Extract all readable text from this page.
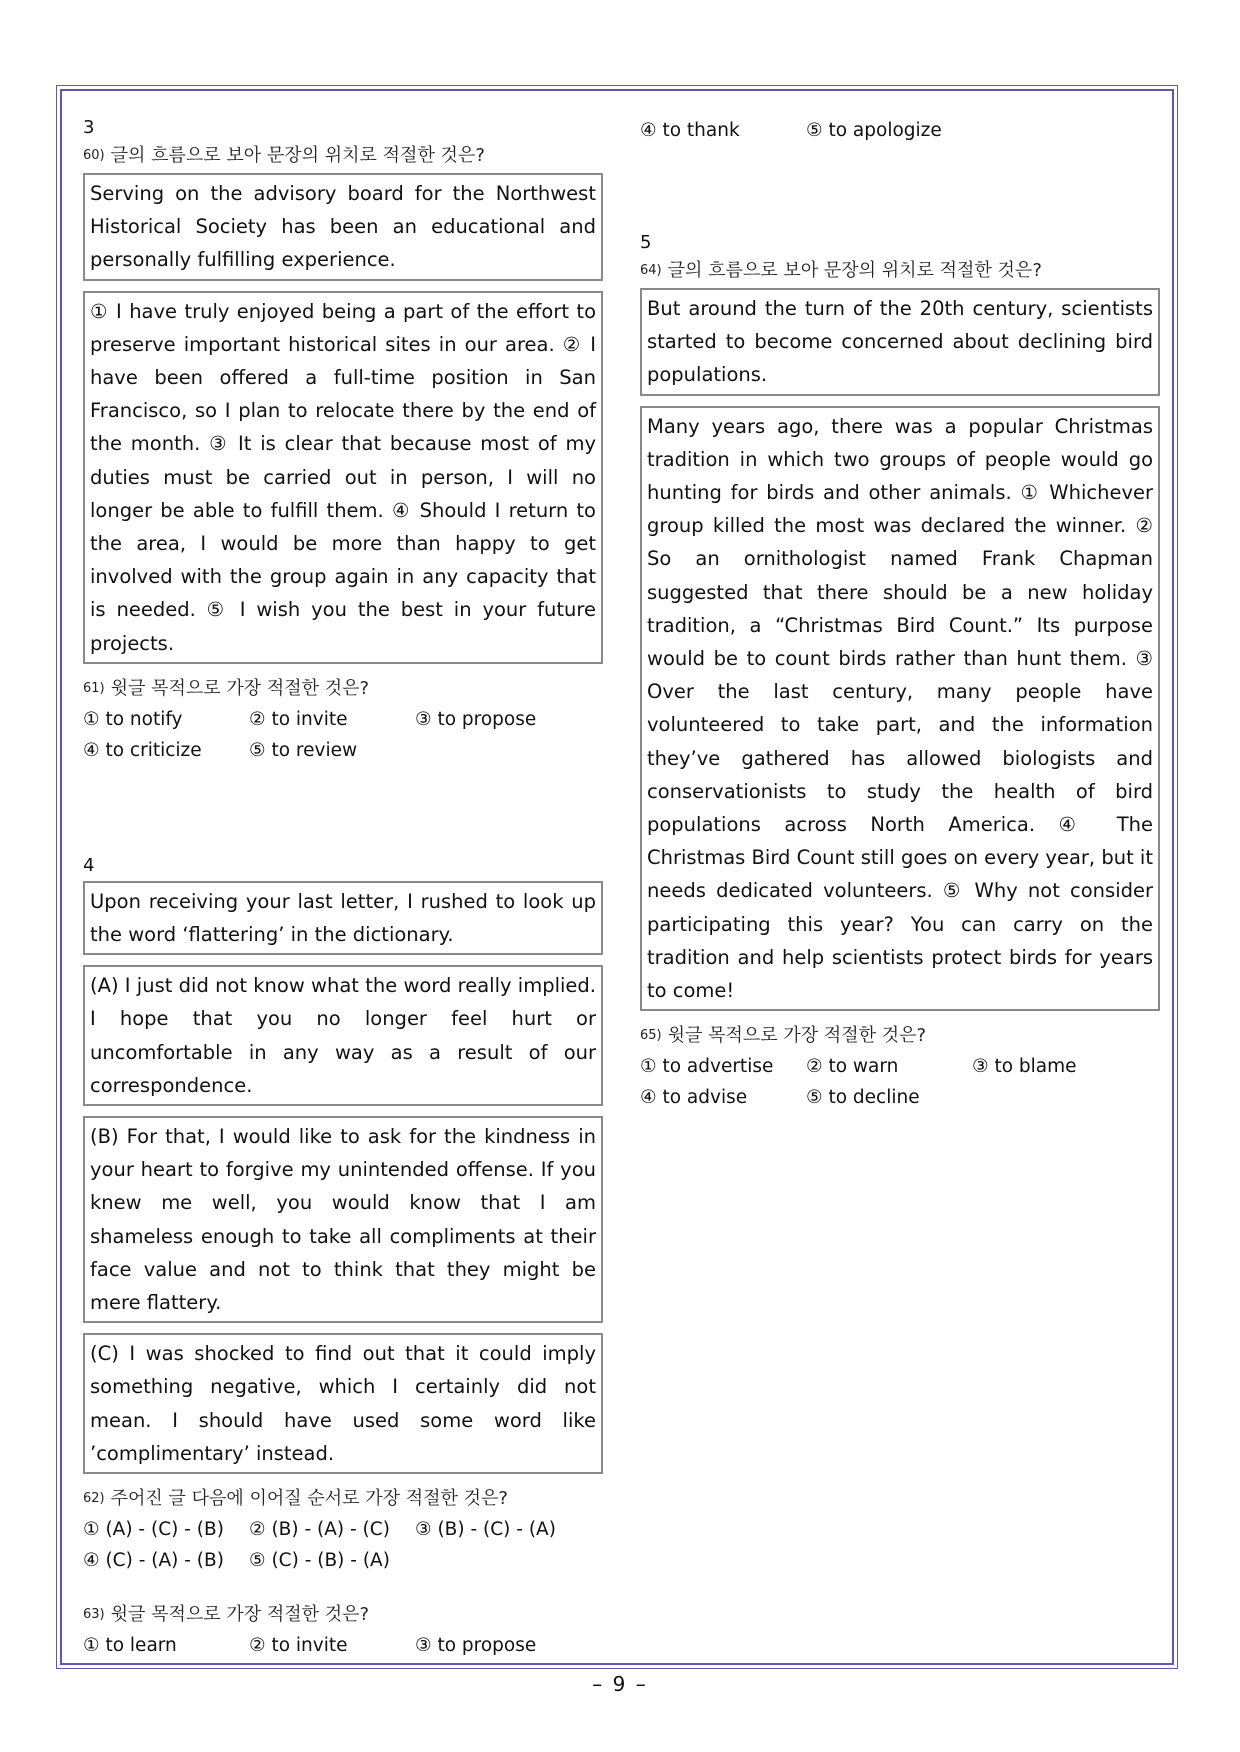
3
60) 글의 흐름으로 보아 문장의 위치로 적절한 것은?
Serving on the advisory board for the Northwest Historical Society has been an educational and personally fulfilling experience.
① I have truly enjoyed being a part of the effort to preserve important historical sites in our area. ② I have been offered a full-time position in San Francisco, so I plan to relocate there by the end of the month. ③ It is clear that because most of my duties must be carried out in person, I will no longer be able to fulfill them. ④ Should I return to the area, I would be more than happy to get involved with the group again in any capacity that is needed. ⑤ I wish you the best in your future projects.
61) 윗글 목적으로 가장 적절한 것은?
① to notify	② to invite	③ to propose
④ to criticize	⑤ to review
4
Upon receiving your last letter, I rushed to look up the word ‘flattering’ in the dictionary.
(A) I just did not know what the word really implied. I hope that you no longer feel hurt or uncomfortable in any way as a result of our correspondence.
(B) For that, I would like to ask for the kindness in your heart to forgive my unintended offense. If you knew me well, you would know that I am shameless enough to take all compliments at their face value and not to think that they might be mere flattery.
(C) I was shocked to find out that it could imply something negative, which I certainly did not mean. I should have used some word like ’complimentary’ instead.
62) 주어진 글 다음에 이어질 순서로 가장 적절한 것은?
① (A) - (C) - (B)	② (B) - (A) - (C)	③ (B) - (C) - (A)
④ (C) - (A) - (B)	⑤ (C) - (B) - (A)
63) 윗글 목적으로 가장 적절한 것은?
① to learn	② to invite	③ to propose
④ to thank	⑤ to apologize
5
64) 글의 흐름으로 보아 문장의 위치로 적절한 것은?
But around the turn of the 20th century, scientists started to become concerned about declining bird populations.
Many years ago, there was a popular Christmas tradition in which two groups of people would go hunting for birds and other animals. ① Whichever group killed the most was declared the winner. ② So an ornithologist named Frank Chapman suggested that there should be a new holiday tradition, a “Christmas Bird Count.” Its purpose would be to count birds rather than hunt them. ③ Over the last century, many people have volunteered to take part, and the information they’ve gathered has allowed biologists and conservationists to study the health of bird populations across North America. ④ The Christmas Bird Count still goes on every year, but it needs dedicated volunteers. ⑤ Why not consider participating this year? You can carry on the tradition and help scientists protect birds for years to come!
65) 윗글 목적으로 가장 적절한 것은?
① to advertise	② to warn	③ to blame
④ to advise	⑤ to decline
– 9 –
